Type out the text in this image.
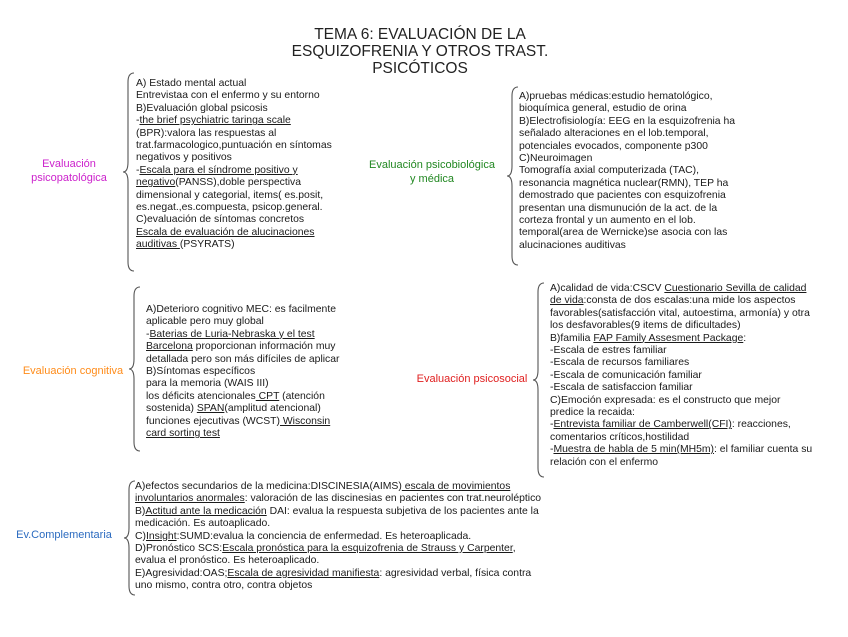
TEMA 6: EVALUACIÓN DE LA
ESQUIZOFRENIA Y OTROS TRAST.
PSICÓTICOS
Evaluación
psicopatológica
A) Estado mental actual
Entrevistaa con el enfermo y su entorno
B)Evaluación global psicosis
-the brief psychiatric taringa scale
(BPR):valora las respuestas al
trat.farmacologico,puntuación en síntomas
negativos y positivos
-Escala para el síndrome positivo y
negativo(PANSS),doble perspectiva
dimensional y categorial, items( es.posit,
es.negat.,es.compuesta, psicop.general.
C)evaluación de síntomas concretos
Escala de evaluación de alucinaciones
auditivas (PSYRATS)
Evaluación psicobiológica
y médica
A)pruebas médicas:estudio hematológico,
bioquímica general, estudio de orina
B)Electrofisiología: EEG en la esquizofrenia ha
señalado alteraciones en el lob.temporal,
potenciales evocados, componente p300
C)Neuroimagen
Tomografía axial computerizada (TAC),
resonancia magnética nuclear(RMN), TEP ha
demostrado que pacientes con esquizofrenia
presentan una dismunución de la act. de la
corteza frontal y un aumento en el lob.
temporal(area de Wernicke)se asocia con las
alucinaciones auditivas
Evaluación cognitiva
A)Deterioro cognitivo MEC: es facilmente
aplicable pero muy global
-Baterias de Luria-Nebraska y el test
Barcelona proporcionan información muy
detallada pero son más difíciles de aplicar
B)Síntomas específicos
para la memoria (WAIS III)
los déficits atencionales CPT (atención
sostenida) SPAN(amplitud atencional)
funciones ejecutivas (WCST) Wisconsin
card sorting test
Evaluación psicosocial
A)calidad de vida:CSCV Cuestionario Sevilla de calidad
de vida:consta de dos escalas:una mide los aspectos
favorables(satisfacción vital, autoestima, armonía) y otra
los desfavorables(9 items de dificultades)
B)familia FAP Family Assesment Package:
-Escala de estres familiar
-Escala de recursos familiares
-Escala de comunicación familiar
-Escala de satisfaccion familiar
C)Emoción expresada: es el constructo que mejor
predice la recaida:
-Entrevista familiar de Camberwell(CFI): reacciones,
comentarios críticos,hostilidad
-Muestra de habla de 5 min(MH5m): el familiar cuenta su
relación con el enfermo
Ev.Complementaria
A)efectos secundarios de la medicina:DISCINESIA(AIMS) escala de movimientos
involuntarios anormales: valoración de las discinesias en pacientes con trat.neuroléptico
B)Actitud ante la medicación DAI: evalua la respuesta subjetiva de los pacientes ante la
medicación. Es autoaplicado.
C)Insight:SUMD:evalua la conciencia de enfermedad. Es heteroaplicada.
D)Pronóstico SCS:Escala pronóstica para la esquizofrenia de Strauss y Carpenter,
evalua el pronóstico. Es heteroaplicado.
E)Agresividad:OAS;Escala de agresividad manifiesta: agresividad verbal, física contra
uno mismo, contra otro, contra objetos
